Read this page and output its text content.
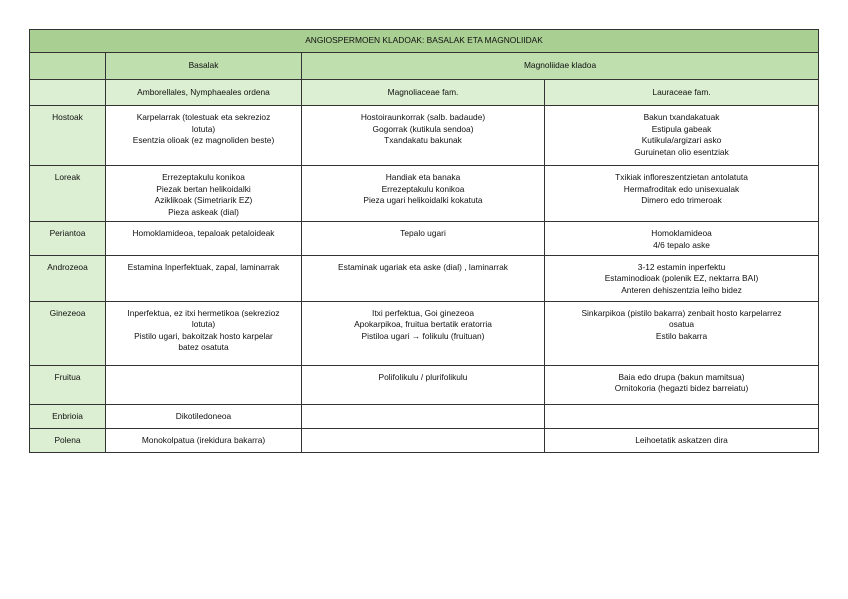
ANGIOSPERMOEN KLADOAK: BASALAK ETA MAGNOLIIDAK			
	Basalak	Magnoliidae kladoa	
	Amborellales, Nymphaeales ordena	Magnoliaceae fam.	Lauraceae fam.
Hostoak	Karpelarrak (tolestuak eta sekrezioz
lotuta)
Esentzia olioak (ez magnoliden beste)	Hostoiraunkorrak (salb. badaude)
Gogorrak (kutikula sendoa)
Txandakatu bakunak	Bakun txandakatuak
Estipula gabeak
Kutikula/argizari asko
Guruinetan olio esentziak

Loreak	Errezeptakulu konikoa
Piezak bertan helikoidalki
Aziklikoak (Simetriarik EZ)
Pieza askeak (dial)	Handiak eta banaka
Errezeptakulu konikoa
Pieza ugari helikoidalki kokatuta	Txikiak infloreszentzietan antolatuta
Hermafroditak edo unisexualak
Dimero edo trimeroak

Periantoa	Homoklamideoa, tepaloak petaloideak	Tepalo ugari	Homoklamideoa
4/6 tepalo aske

Androzeoa	Estamina Inperfektuak, zapal, laminarrak	Estaminak ugariak eta aske (dial) , laminarrak	3-12 estamin inperfektu
Estaminodioak (polenik EZ, nektarra BAI)
Anteren dehiszentzia leiho bidez

Ginezeoa	Inperfektua, ez itxi hermetikoa (sekrezioz
lotuta)
Pistilo ugari, bakoitzak hosto karpelar
batez osatuta	Itxi perfektua, Goi ginezeoa
Apokarpikoa, fruitua bertatik eratorria
Pistiloa ugari → folikulu (fruituan)	Sinkarpikoa (pistilo bakarra) zenbait hosto karpelarrez
osatua
Estilo bakarra

Fruitua		Polifolikulu / plurifolikulu	Baia edo drupa (bakun mamitsua)
Ornitokoria (hegazti bidez barreiatu)

Enbrioia	Dikotiledoneoa		

Polena	Monokolpatua (irekidura bakarra)		Leihoetatik askatzen dira
